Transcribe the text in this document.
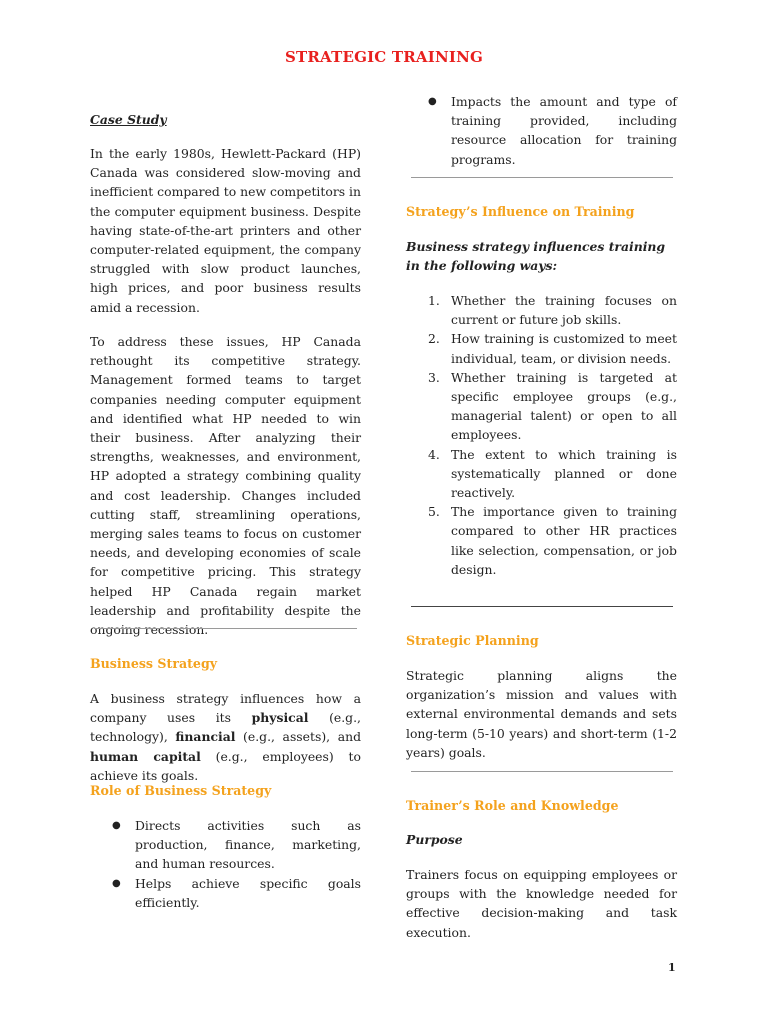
STRATEGIC TRAINING

Case Study

In the early 1980s, Hewlett-Packard (HP) Canada was considered slow-moving and inefficient compared to new competitors in the computer equipment business. Despite having state-of-the-art printers and other computer-related equipment, the company struggled with slow product launches, high prices, and poor business results amid a recession.

To address these issues, HP Canada rethought its competitive strategy. Management formed teams to target companies needing computer equipment and identified what HP needed to win their business. After analyzing their strengths, weaknesses, and environment, HP adopted a strategy combining quality and cost leadership. Changes included cutting staff, streamlining operations, merging sales teams to focus on customer needs, and developing economies of scale for competitive pricing. This strategy helped HP Canada regain market leadership and profitability despite the ongoing recession.

Business Strategy

A business strategy influences how a company uses its physical (e.g., technology), financial (e.g., assets), and human capital (e.g., employees) to achieve its goals.

Role of Business Strategy

● Directs activities such as production, finance, marketing, and human resources.
● Helps achieve specific goals efficiently.
● Impacts the amount and type of training provided, including resource allocation for training programs.

Strategy’s Influence on Training

Business strategy influences training in the following ways:

1. Whether the training focuses on current or future job skills.
2. How training is customized to meet individual, team, or division needs.
3. Whether training is targeted at specific employee groups (e.g., managerial talent) or open to all employees.
4. The extent to which training is systematically planned or done reactively.
5. The importance given to training compared to other HR practices like selection, compensation, or job design.

Strategic Planning

Strategic planning aligns the organization’s mission and values with external environmental demands and sets long-term (5-10 years) and short-term (1-2 years) goals.

Trainer’s Role and Knowledge

Purpose

Trainers focus on equipping employees or groups with the knowledge needed for effective decision-making and task execution.

1
